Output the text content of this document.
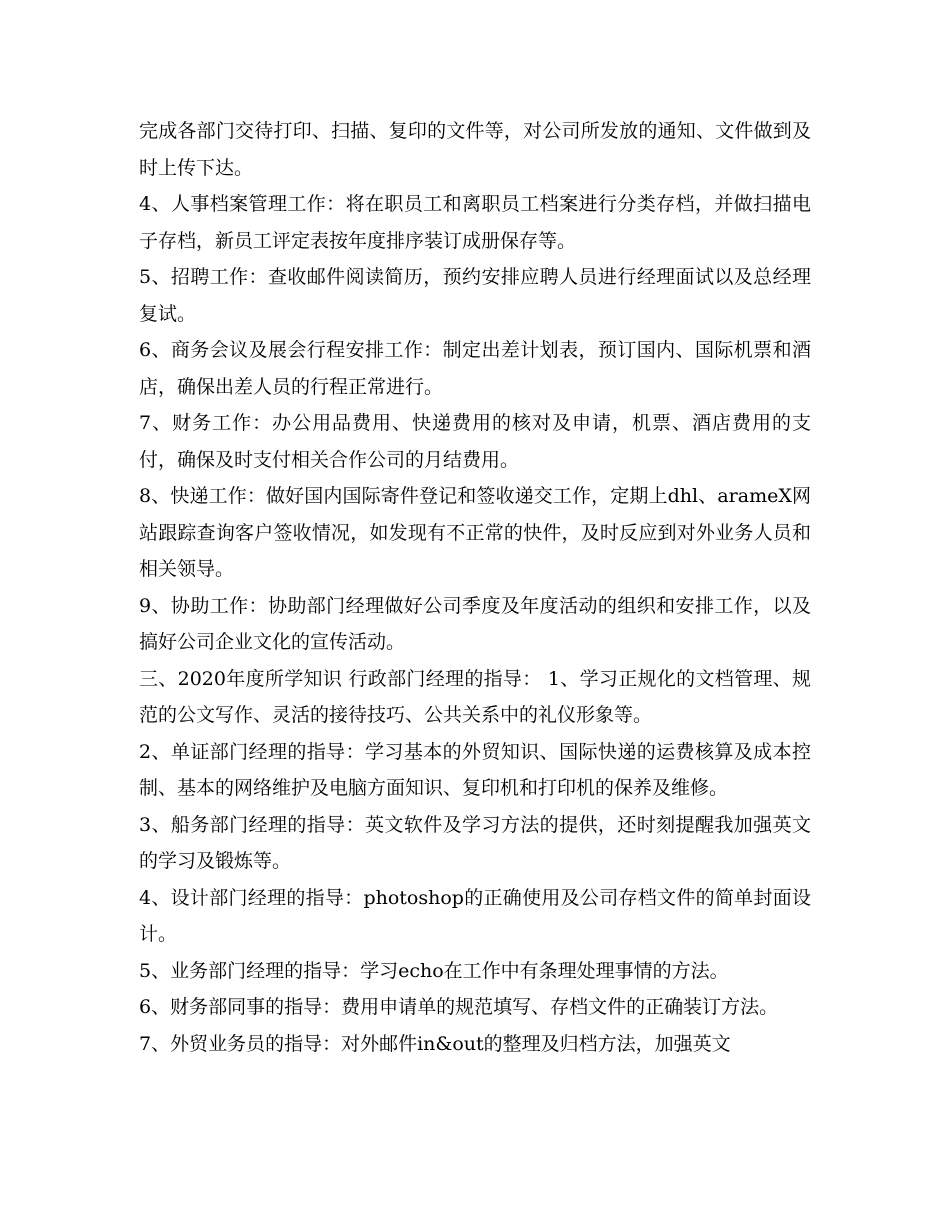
完成各部门交待打印、扫描、复印的文件等，对公司所发放的通知、文件做到及时上传下达。

4、人事档案管理工作：将在职员工和离职员工档案进行分类存档，并做扫描电子存档，新员工评定表按年度排序装订成册保存等。

5、招聘工作：查收邮件阅读简历，预约安排应聘人员进行经理面试以及总经理复试。

6、商务会议及展会行程安排工作：制定出差计划表，预订国内、国际机票和酒店，确保出差人员的行程正常进行。

7、财务工作：办公用品费用、快递费用的核对及申请，机票、酒店费用的支付，确保及时支付相关合作公司的月结费用。

8、快递工作：做好国内国际寄件登记和签收递交工作，定期上dhl、arameX网站跟踪查询客户签收情况，如发现有不正常的快件，及时反应到对外业务人员和相关领导。

9、协助工作：协助部门经理做好公司季度及年度活动的组织和安排工作，以及搞好公司企业文化的宣传活动。

三、2020年度所学知识 行政部门经理的指导： 1、学习正规化的文档管理、规范的公文写作、灵活的接待技巧、公共关系中的礼仪形象等。

2、单证部门经理的指导：学习基本的外贸知识、国际快递的运费核算及成本控制、基本的网络维护及电脑方面知识、复印机和打印机的保养及维修。

3、船务部门经理的指导：英文软件及学习方法的提供，还时刻提醒我加强英文的学习及锻炼等。

4、设计部门经理的指导：photoshop的正确使用及公司存档文件的简单封面设计。

5、业务部门经理的指导：学习echo在工作中有条理处理事情的方法。

6、财务部同事的指导：费用申请单的规范填写、存档文件的正确装订方法。

7、外贸业务员的指导：对外邮件in&out的整理及归档方法，加强英文
